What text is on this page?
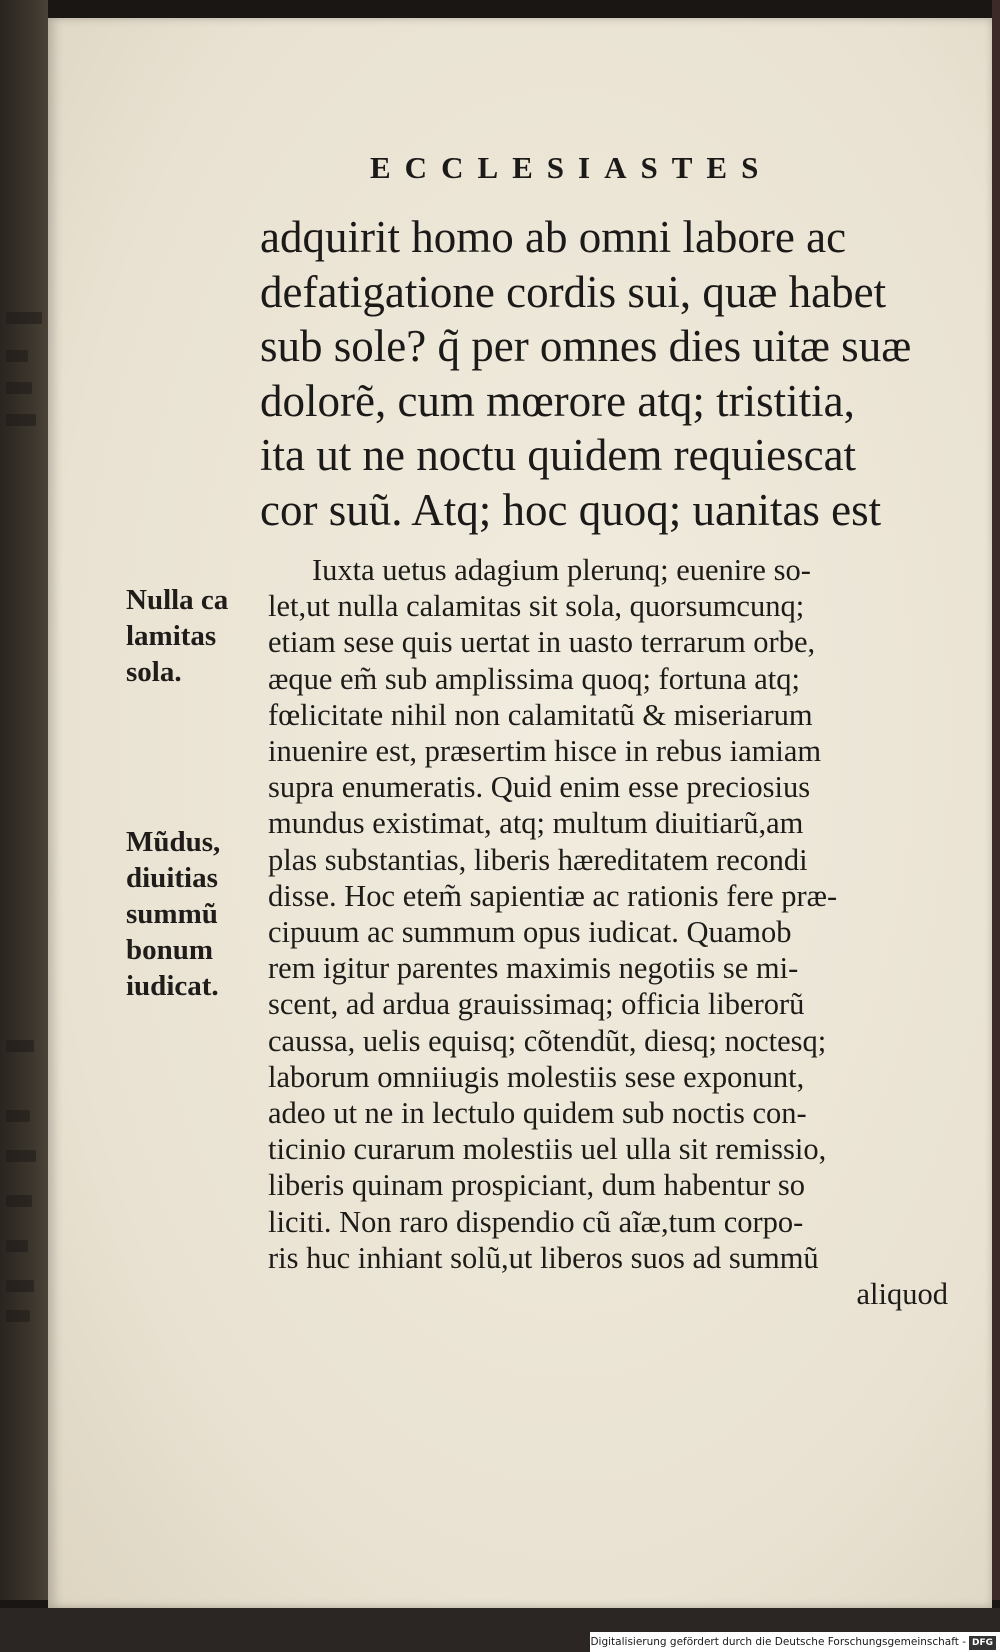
ECCLESIASTES
adquirit homo ab omni labore ac
defatigatione cordis sui, quæ habet
sub sole? q̃ per omnes dies uitæ suæ
dolorẽ, cum mœrore atq; tristitia,
ita ut ne noctu quidem requiescat
cor suũ. Atq; hoc quoq; uanitas est
Iuxta uetus adagium plerunq; euenire so-
let,ut nulla calamitas sit sola, quorsumcunq;
etiam sese quis uertat in uasto terrarum orbe,
æque em̃ sub amplissima quoq; fortuna atq;
fœlicitate nihil non calamitatũ & miseriarum
inuenire est, præsertim hisce in rebus iamiam
supra enumeratis. Quid enim esse preciosius
mundus existimat, atq; multum diuitiarũ,am
plas substantias, liberis hæreditatem recondi
disse. Hoc etem̃ sapientiæ ac rationis fere præ-
cipuum ac summum opus iudicat. Quamob
rem igitur parentes maximis negotiis se mi-
scent, ad ardua grauissimaq; officia liberorũ
caussa, uelis equisq; cõtendũt, diesq; noctesq;
laborum omniiugis molestiis sese exponunt,
adeo ut ne in lectulo quidem sub noctis con-
ticinio curarum molestiis uel ulla sit remissio,
liberis quinam prospiciant, dum habentur so
liciti. Non raro dispendio cũ aĩæ,tum corpo-
ris huc inhiant solũ,ut liberos suos ad summũ
aliquod
Nulla ca
lamitas
sola.
Mũdus,
diuitias
summũ
bonum
iudicat.
Digitalisierung gefördert durch die Deutsche Forschungsgemeinschaft - DFG
